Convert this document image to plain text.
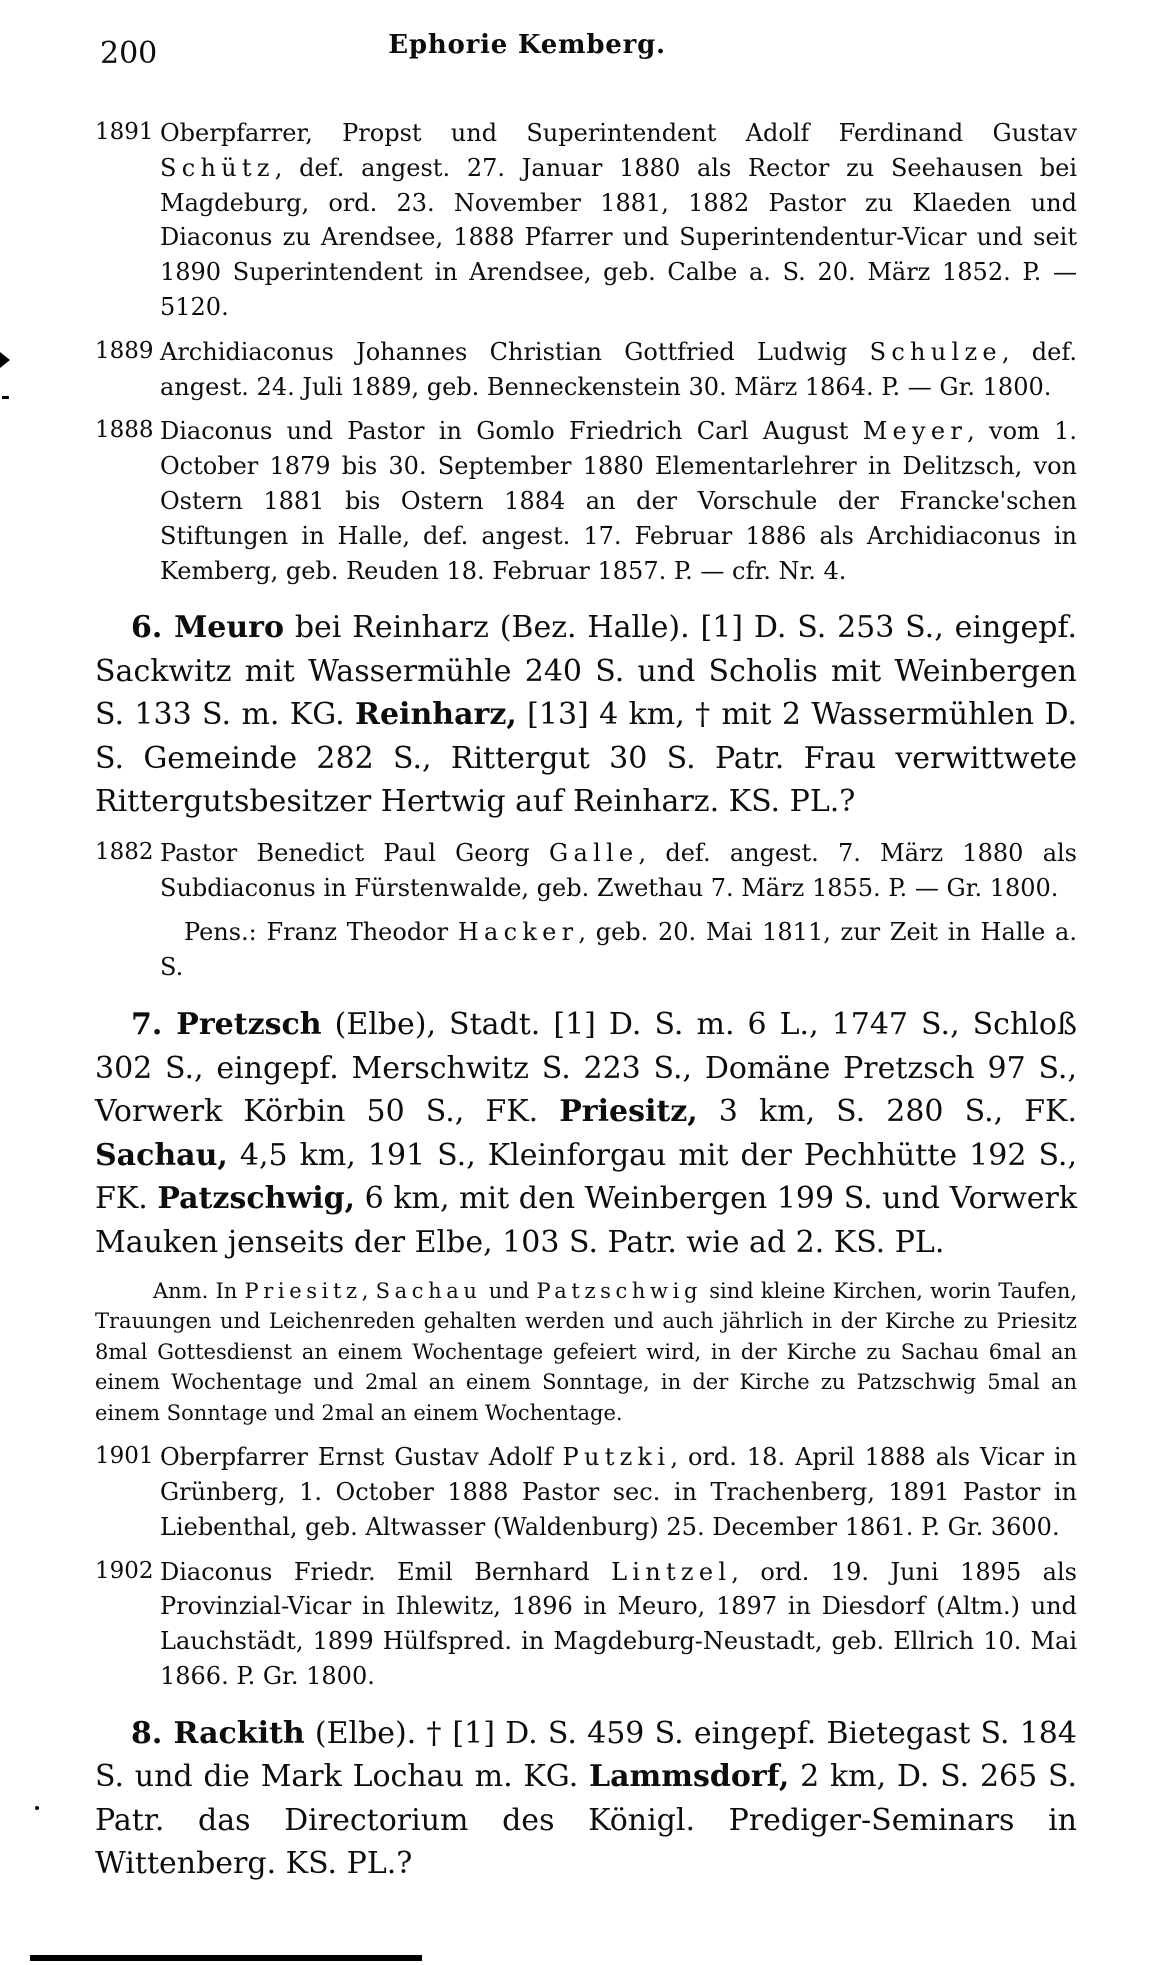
200	Ephorie Kemberg.
1891 Oberpfarrer, Propst und Superintendent Adolf Ferdinand Gustav Schütz, def. angest. 27. Januar 1880 als Rector zu Seehausen bei Magdeburg, ord. 23. November 1881, 1882 Pastor zu Klaeden und Diaconus zu Arendsee, 1888 Pfarrer und Superintendentur-Vicar und seit 1890 Superintendent in Arendsee, geb. Calbe a. S. 20. März 1852. P. — 5120.

1889 Archidiaconus Johannes Christian Gottfried Ludwig Schulze, def. angest. 24. Juli 1889, geb. Benneckenstein 30. März 1864. P. — Gr. 1800.

1888 Diaconus und Pastor in Gomlo Friedrich Carl August Meyer, vom 1. October 1879 bis 30. September 1880 Elementarlehrer in Delitzsch, von Ostern 1881 bis Ostern 1884 an der Vorschule der Francke'schen Stiftungen in Halle, def. angest. 17. Februar 1886 als Archidiaconus in Kemberg, geb. Reuden 18. Februar 1857. P. — cfr. Nr. 4.

6. Meuro bei Reinharz (Bez. Halle). [1] D. S. 253 S., eingepf. Sackwitz mit Wassermühle 240 S. und Scholis mit Weinbergen S. 133 S. m. KG. Reinharz, [13] 4 km, † mit 2 Wassermühlen D. S. Gemeinde 282 S., Rittergut 30 S. Patr. Frau verwittwete Rittergutsbesitzer Hertwig auf Reinharz. KS. PL.?

1882 Pastor Benedict Paul Georg Galle, def. angest. 7. März 1880 als Subdiaconus in Fürstenwalde, geb. Zwethau 7. März 1855. P. — Gr. 1800.

Pens.: Franz Theodor Hacker, geb. 20. Mai 1811, zur Zeit in Halle a. S.

7. Pretzsch (Elbe), Stadt. [1] D. S. m. 6 L., 1747 S., Schloß 302 S., eingepf. Merschwitz S. 223 S., Domäne Pretzsch 97 S., Vorwerk Körbin 50 S., FK. Priesitz, 3 km, S. 280 S., FK. Sachau, 4,5 km, 191 S., Kleinforgau mit der Pechhütte 192 S., FK. Patzschwig, 6 km, mit den Weinbergen 199 S. und Vorwerk Mauken jenseits der Elbe, 103 S. Patr. wie ad 2. KS. PL.

Anm. In Priesitz, Sachau und Patzschwig sind kleine Kirchen, worin Taufen, Trauungen und Leichenreden gehalten werden und auch jährlich in der Kirche zu Priesitz 8mal Gottesdienst an einem Wochentage gefeiert wird, in der Kirche zu Sachau 6mal an einem Wochentage und 2mal an einem Sonntage, in der Kirche zu Patzschwig 5mal an einem Sonntage und 2mal an einem Wochentage.

1901 Oberpfarrer Ernst Gustav Adolf Putzki, ord. 18. April 1888 als Vicar in Grünberg, 1. October 1888 Pastor sec. in Trachenberg, 1891 Pastor in Liebenthal, geb. Altwasser (Waldenburg) 25. December 1861. P. Gr. 3600.

1902 Diaconus Friedr. Emil Bernhard Lintzel, ord. 19. Juni 1895 als Provinzial-Vicar in Ihlewitz, 1896 in Meuro, 1897 in Diesdorf (Altm.) und Lauchstädt, 1899 Hülfspred. in Magdeburg-Neustadt, geb. Ellrich 10. Mai 1866. P. Gr. 1800.

8. Rackith (Elbe). † [1] D. S. 459 S. eingepf. Bietegast S. 184 S. und die Mark Lochau m. KG. Lammsdorf, 2 km, D. S. 265 S. Patr. das Directorium des Königl. Prediger-Seminars in Wittenberg. KS. PL.?
